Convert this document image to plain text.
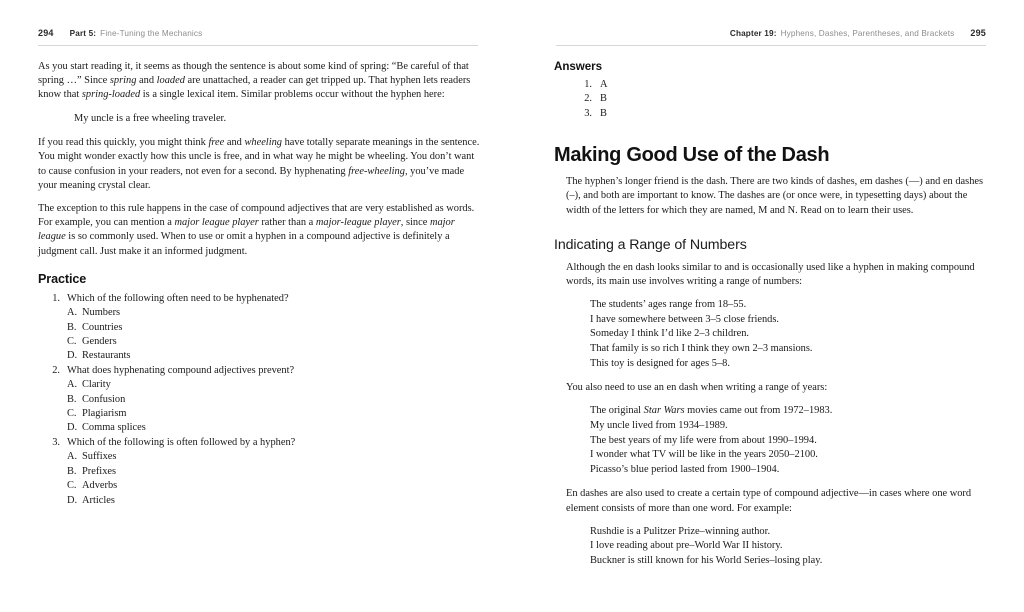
294 Part 5: Fine-Tuning the Mechanics

As you start reading it, it seems as though the sentence is about some kind of spring: “Be careful of that spring …” Since spring and loaded are unattached, a reader can get tripped up. That hyphen lets readers know that spring-loaded is a single lexical item. Similar problems occur without the hyphen here:

My uncle is a free wheeling traveler.

If you read this quickly, you might think free and wheeling have totally separate meanings in the sentence. You might wonder exactly how this uncle is free, and in what way he might be wheeling. You don’t want to cause confusion in your readers, not even for a second. By hyphenating free-wheeling, you’ve made your meaning crystal clear.

The exception to this rule happens in the case of compound adjectives that are very established as words. For example, you can mention a major league player rather than a major-league player, since major league is so commonly used. When to use or omit a hyphen in a compound adjective is definitely a judgment call. Just make it an informed judgment.

Practice
1. Which of the following often need to be hyphenated?
A. Numbers
B. Countries
C. Genders
D. Restaurants
2. What does hyphenating compound adjectives prevent?
A. Clarity
B. Confusion
C. Plagiarism
D. Comma splices
3. Which of the following is often followed by a hyphen?
A. Suffixes
B. Prefixes
C. Adverbs
D. Articles
Chapter 19: Hyphens, Dashes, Parentheses, and Brackets 295
Answers
1. A
2. B
3. B
Making Good Use of the Dash

The hyphen’s longer friend is the dash. There are two kinds of dashes, em dashes (—) and en dashes (–), and both are important to know. The dashes are (or once were, in typesetting days) about the width of the letters for which they are named, M and N. Read on to learn their uses.

Indicating a Range of Numbers

Although the en dash looks similar to and is occasionally used like a hyphen in making compound words, its main use involves writing a range of numbers:

The students’ ages range from 18–55.
I have somewhere between 3–5 close friends.
Someday I think I’d like 2–3 children.
That family is so rich I think they own 2–3 mansions.
This toy is designed for ages 5–8.

You also need to use an en dash when writing a range of years:

The original Star Wars movies came out from 1972–1983.
My uncle lived from 1934–1989.
The best years of my life were from about 1990–1994.
I wonder what TV will be like in the years 2050–2100.
Picasso’s blue period lasted from 1900–1904.

En dashes are also used to create a certain type of compound adjective—in cases where one word element consists of more than one word. For example:

Rushdie is a Pulitzer Prize–winning author.
I love reading about pre–World War II history.
Buckner is still known for his World Series–losing play.
